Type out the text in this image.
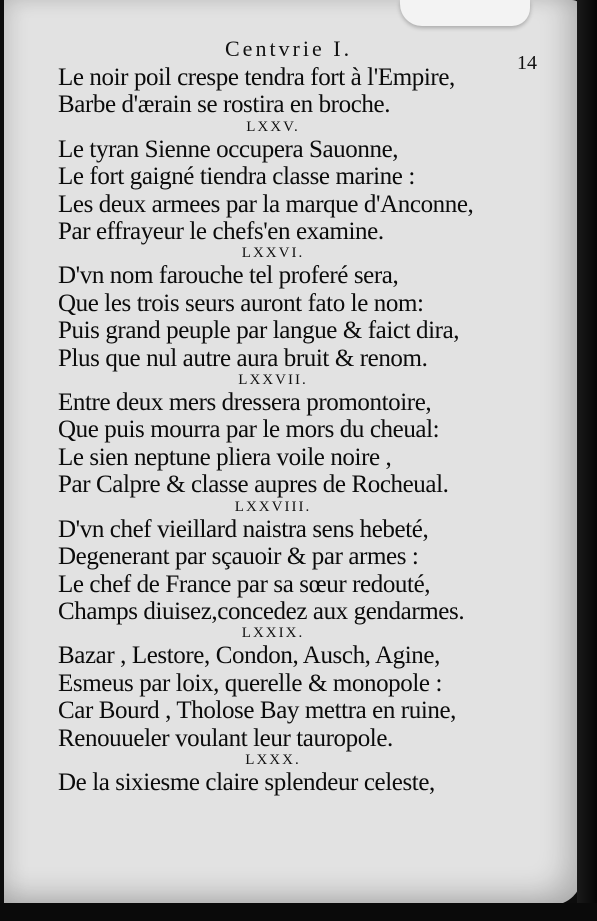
Centvrie I.
14
Le noir poil cresp​e tendra fort à l'Empire,
Barbe d'ærain se rostira en broche.
LXXV.
Le tyran Sienne occupera Sauonne,
Le fort gaigné tiendra classe marine :
Les deux armees par la marque d'Anconne,
Par effrayeur le chefs'en examine.
LXXVI.
D'vn nom farouche tel proferé sera,
Que les trois seurs auront fato le nom:
Puis grand peuple par langue & faict dira,
Plus que nul autre aura bruit & renom.
LXXVII.
Entre deux mers dressera promontoire,
Que puis mourra par le mors du cheual:
Le sien neptune pliera voile noire ,
Par Calpre & classe aupres de Rocheual.
LXXVIII.
D'vn chef vieillard naistra sens hebeté,
Degenerant par sçauoir & par armes :
Le chef de France par sa sœur redouté,
Champs diuisez,concedez aux gendarmes.
LXXIX.
Bazar , Lestore, Condon, Ausch, Agine,
Esmeus par loix, querelle & monopole :
Car Bourd , Tholose Bay mettra en ruine,
Renouueler voulant leur tauropole.
LXXX.
De la sixiesme claire splendeur celeste,
